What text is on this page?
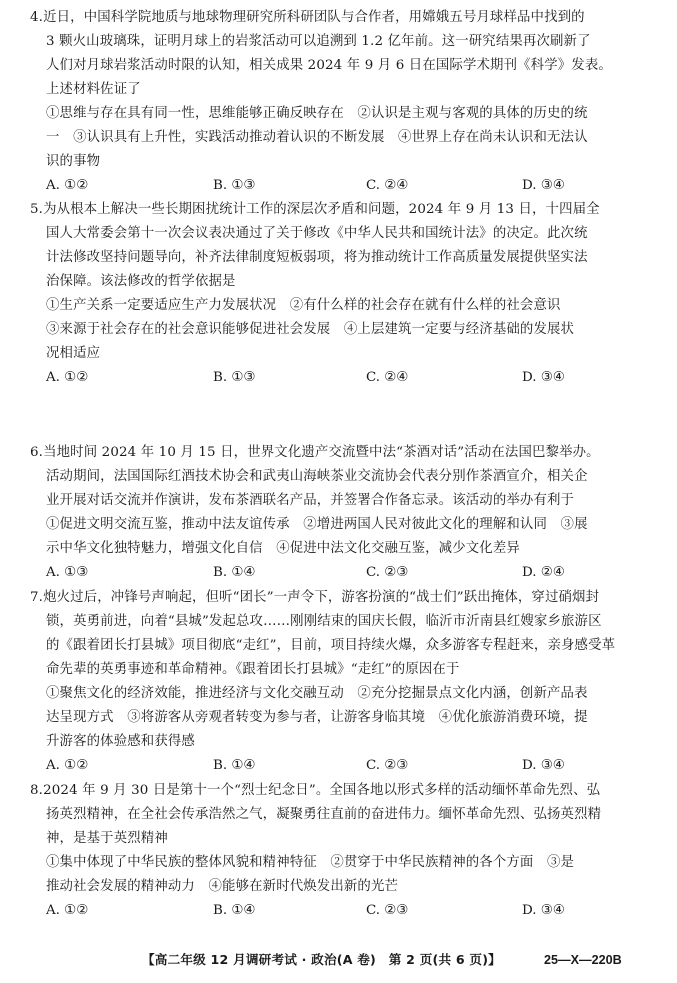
4.近日，中国科学院地质与地球物理研究所科研团队与合作者，用嫦娥五号月球样品中找到的
3 颗火山玻璃珠，证明月球上的岩浆活动可以追溯到 1.2 亿年前。这一研究结果再次刷新了
人们对月球岩浆活动时限的认知，相关成果 2024 年 9 月 6 日在国际学术期刊《科学》发表。
上述材料佐证了
①思维与存在具有同一性，思维能够正确反映存在　②认识是主观与客观的具体的历史的统
一　③认识具有上升性，实践活动推动着认识的不断发展　④世界上存在尚未认识和无法认
识的事物
A. ①②	B. ①③	C. ②④	D. ③④
5.为从根本上解决一些长期困扰统计工作的深层次矛盾和问题，2024 年 9 月 13 日，十四届全
国人大常委会第十一次会议表决通过了关于修改《中华人民共和国统计法》的决定。此次统
计法修改坚持问题导向，补齐法律制度短板弱项，将为推动统计工作高质量发展提供坚实法
治保障。该法修改的哲学依据是
①生产关系一定要适应生产力发展状况　②有什么样的社会存在就有什么样的社会意识
③来源于社会存在的社会意识能够促进社会发展　④上层建筑一定要与经济基础的发展状
况相适应
A. ①②	B. ①③	C. ②④	D. ③④
6.当地时间 2024 年 10 月 15 日，世界文化遗产交流暨中法“茶酒对话”活动在法国巴黎举办。
活动期间，法国国际红酒技术协会和武夷山海峡茶业交流协会代表分别作茶酒宣介，相关企
业开展对话交流并作演讲，发布茶酒联名产品，并签署合作备忘录。该活动的举办有利于
①促进文明交流互鉴，推动中法友谊传承　②增进两国人民对彼此文化的理解和认同　③展
示中华文化独特魅力，增强文化自信　④促进中法文化交融互鉴，减少文化差异
A. ①③	B. ①④	C. ②③	D. ②④
7.炮火过后，冲锋号声响起，但听“团长”一声令下，游客扮演的“战士们”跃出掩体，穿过硝烟封
锁，英勇前进，向着“县城”发起总攻……刚刚结束的国庆长假，临沂市沂南县红嫂家乡旅游区
的《跟着团长打县城》项目彻底“走红”，目前，项目持续火爆，众多游客专程赶来，亲身感受革
命先辈的英勇事迹和革命精神。《跟着团长打县城》“走红”的原因在于
①聚焦文化的经济效能，推进经济与文化交融互动　②充分挖掘景点文化内涵，创新产品表
达呈现方式　③将游客从旁观者转变为参与者，让游客身临其境　④优化旅游消费环境，提
升游客的体验感和获得感
A. ①②	B. ①④	C. ②③	D. ③④
8.2024 年 9 月 30 日是第十一个“烈士纪念日”。全国各地以形式多样的活动缅怀革命先烈、弘
扬英烈精神，在全社会传承浩然之气，凝聚勇往直前的奋进伟力。缅怀革命先烈、弘扬英烈精
神，是基于英烈精神
①集中体现了中华民族的整体风貌和精神特征　②贯穿于中华民族精神的各个方面　③是
推动社会发展的精神动力　④能够在新时代焕发出新的光芒
A. ①②	B. ①④	C. ②③	D. ③④
【高二年级 12 月调研考试 · 政治(A 卷)　第 2 页(共 6 页)】	25—X—220B
